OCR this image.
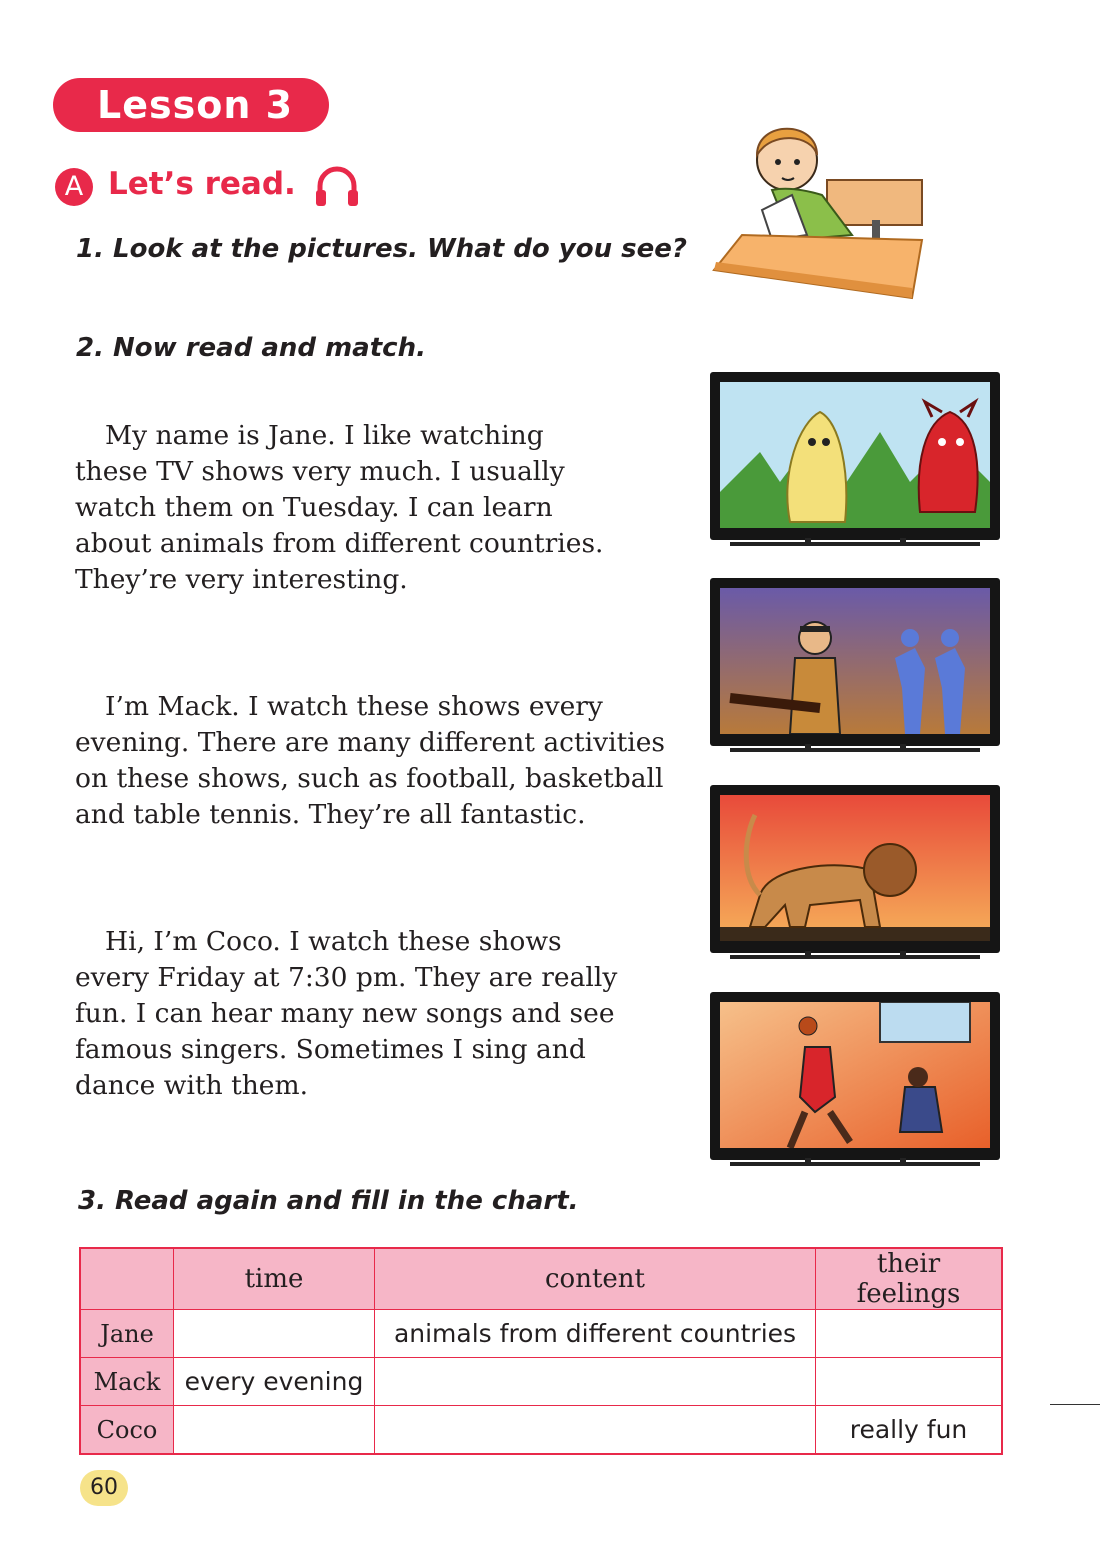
Lesson 3
A Let’s read.
1. Look at the pictures. What do you see?
2. Now read and match.
My name is Jane. I like watching
these TV shows very much. I usually
watch them on Tuesday. I can learn
about animals from different countries.
They’re very interesting.
I’m Mack. I watch these shows every
evening. There are many different activities
on these shows, such as football, basketball
and table tennis. They’re all fantastic.
Hi, I’m Coco. I watch these shows
every Friday at 7:30 pm. They are really
fun. I can hear many new songs and see
famous singers. Sometimes I sing and
dance with them.
3. Read again and fill in the chart.
	time	content	their feelings
Jane		animals from different countries	
Mack	every evening		
Coco			really fun
60
